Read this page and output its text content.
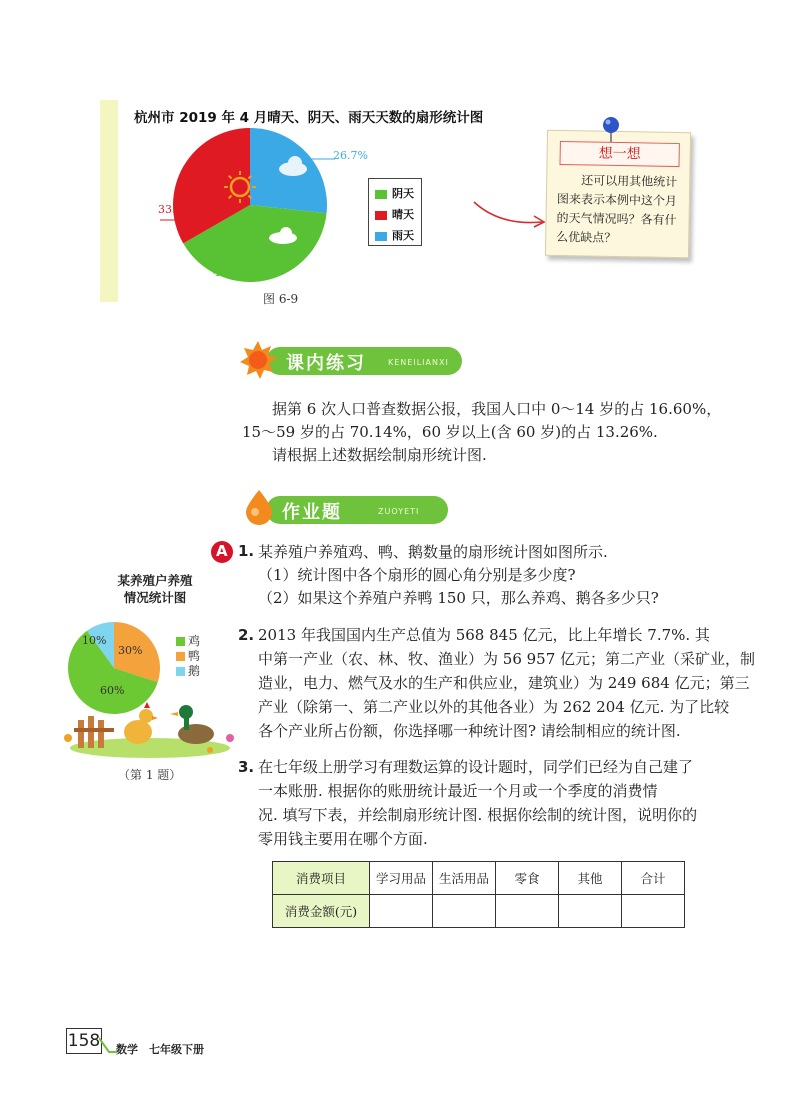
杭州市 2019 年 4 月晴天、阴天、雨天天数的扇形统计图
26.7%
33.3%
40%
阴天
晴天
雨天
图 6-9
想一想
还可以用其他统计图来表示本例中这个月的天气情况吗？各有什么优缺点？
课内练习	KENEILIANXI
据第 6 次人口普查数据公报，我国人口中 0～14 岁的占 16.60%，
15～59 岁的占 70.14%，60 岁以上(含 60 岁)的占 13.26%.
请根据上述数据绘制扇形统计图.
作业题	ZUOYETI
A 1. 某养殖户养殖鸡、鸭、鹅数量的扇形统计图如图所示.
（1）统计图中各个扇形的圆心角分别是多少度?
（2）如果这个养殖户养鸭 150 只，那么养鸡、鹅各多少只?
某养殖户养殖
情况统计图
10%
30%
60%
鸡
鸭
鹅
（第 1 题）
2. 2013 年我国国内生产总值为 568 845 亿元，比上年增长 7.7%. 其
中第一产业（农、林、牧、渔业）为 56 957 亿元；第二产业（采矿业，制
造业，电力、燃气及水的生产和供应业，建筑业）为 249 684 亿元；第三
产业（除第一、第二产业以外的其他各业）为 262 204 亿元. 为了比较
各个产业所占份额，你选择哪一种统计图? 请绘制相应的统计图.
3. 在七年级上册学习有理数运算的设计题时，同学们已经为自己建了
一本账册. 根据你的账册统计最近一个月或一个季度的消费情
况. 填写下表，并绘制扇形统计图. 根据你绘制的统计图，说明你的
零用钱主要用在哪个方面.
消费项目	学习用品	生活用品	零食	其他	合计
消费金额(元)					
158 数学　七年级下册
